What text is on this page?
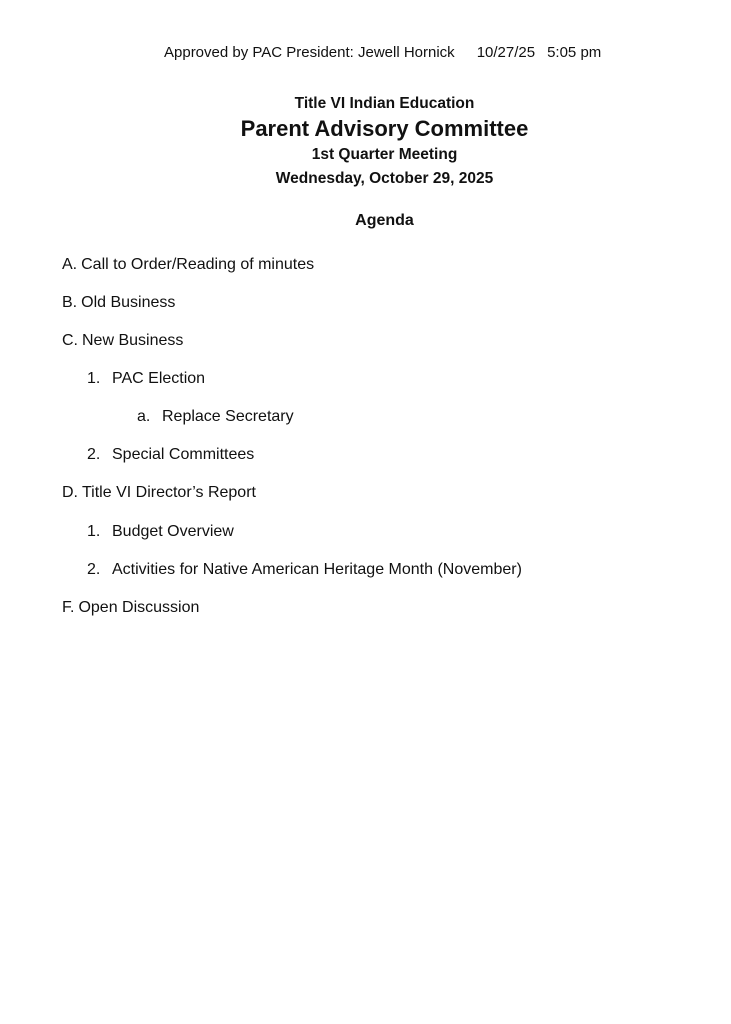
Approved by PAC President: Jewell Hornick 10/27/25 5:05 pm
Title VI Indian Education
Parent Advisory Committee
1st Quarter Meeting
Wednesday, October 29, 2025
Agenda
A. Call to Order/Reading of minutes
B. Old Business
C. New Business
1. PAC Election
a. Replace Secretary
2. Special Committees
D. Title VI Director’s Report
1. Budget Overview
2. Activities for Native American Heritage Month (November)
F. Open Discussion
